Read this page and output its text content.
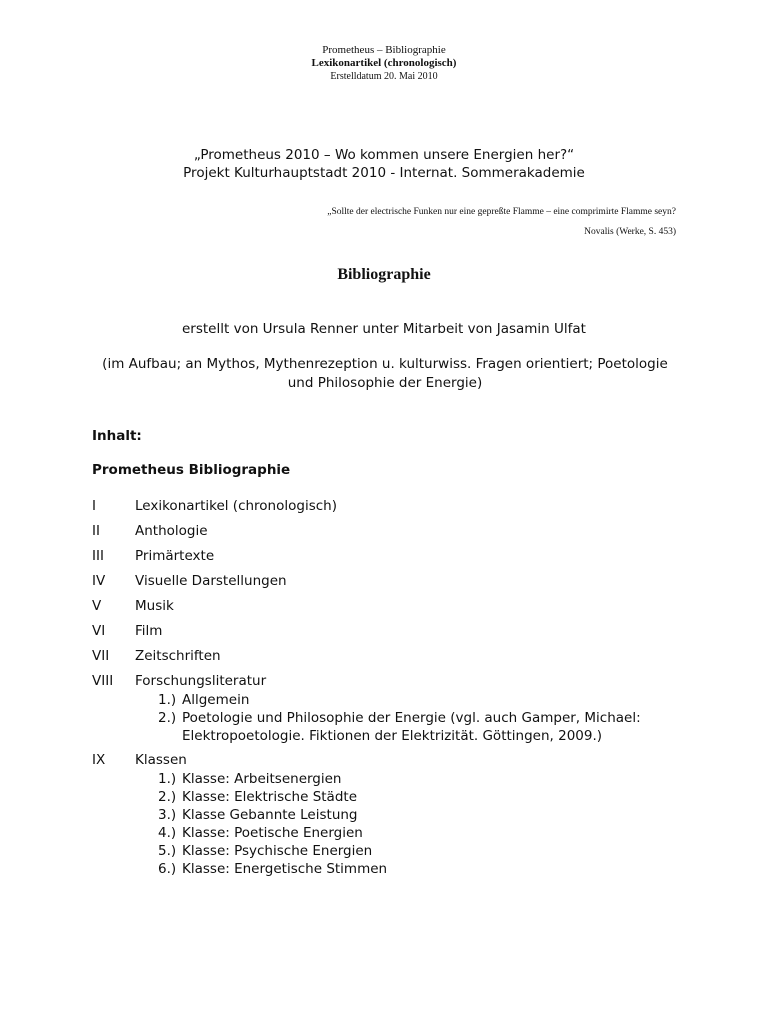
Prometheus – Bibliographie
Lexikonartikel (chronologisch)
Erstelldatum 20. Mai 2010
„Prometheus 2010 – Wo kommen unsere Energien her?“
Projekt Kulturhauptstadt 2010 - Internat. Sommerakademie
„Sollte der electrische Funken nur eine gepreßte Flamme – eine comprimirte Flamme seyn?
Novalis (Werke, S. 453)
Bibliographie
erstellt von Ursula Renner unter Mitarbeit von Jasamin Ulfat
(im Aufbau; an Mythos, Mythenrezeption u. kulturwiss. Fragen orientiert; Poetologie und Philosophie der Energie)
Inhalt:
Prometheus Bibliographie
I	Lexikonartikel (chronologisch)
II	Anthologie
III	Primärtexte
IV	Visuelle Darstellungen
V	Musik
VI	Film
VII	Zeitschriften
VIII	Forschungsliteratur
1.) Allgemein
2.) Poetologie und Philosophie der Energie (vgl. auch Gamper, Michael: Elektropoetologie. Fiktionen der Elektrizität. Göttingen, 2009.)
IX	Klassen
1.) Klasse: Arbeitsenergien
2.) Klasse: Elektrische Städte
3.) Klasse Gebannte Leistung
4.) Klasse: Poetische Energien
5.) Klasse: Psychische Energien
6.) Klasse: Energetische Stimmen
